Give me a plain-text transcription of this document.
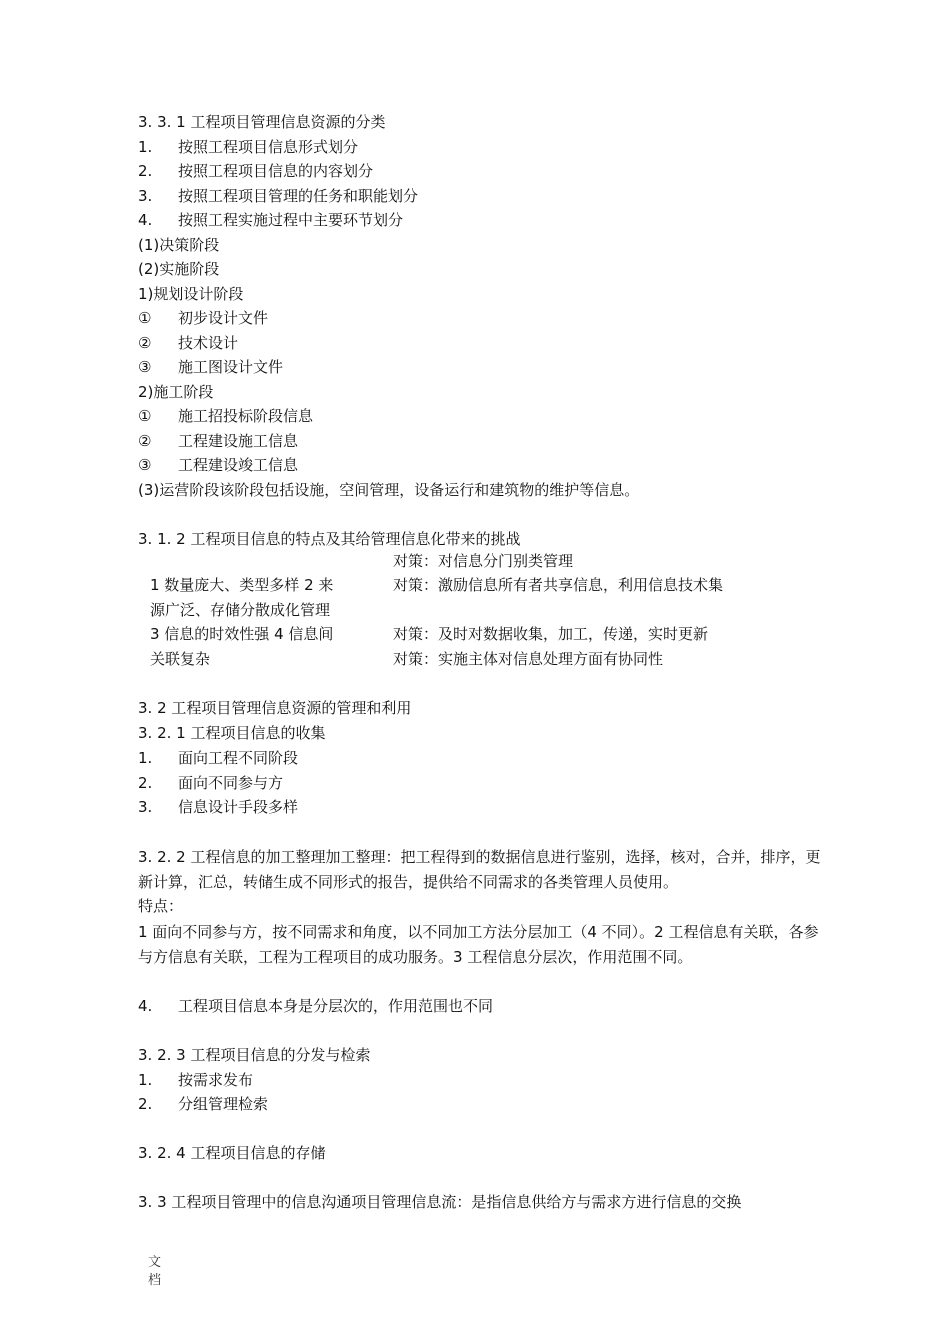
3. 3. 1 工程项目管理信息资源的分类
1. 按照工程项目信息形式划分
2. 按照工程项目信息的内容划分
3. 按照工程项目管理的任务和职能划分
4. 按照工程实施过程中主要环节划分
(1)决策阶段
(2)实施阶段
1)规划设计阶段
① 初步设计文件
② 技术设计
③ 施工图设计文件
2)施工阶段
① 施工招投标阶段信息
② 工程建设施工信息
③ 工程建设竣工信息
(3)运营阶段该阶段包括设施，空间管理，设备运行和建筑物的维护等信息。
3. 1. 2 工程项目信息的特点及其给管理信息化带来的挑战
对策：对信息分门别类管理
1 数量庞大、类型多样 2 来	对策：激励信息所有者共享信息，利用信息技术集
源广泛、存储分散成化管理
3 信息的时效性强 4 信息间	对策：及时对数据收集，加工，传递，实时更新
关联复杂	对策：实施主体对信息处理方面有协同性
3. 2 工程项目管理信息资源的管理和利用
3. 2. 1 工程项目信息的收集
1. 面向工程不同阶段
2. 面向不同参与方
3. 信息设计手段多样
3. 2. 2 工程信息的加工整理加工整理：把工程得到的数据信息进行鉴别，选择，核对，合并，排序，更新计算，汇总，转储生成不同形式的报告，提供给不同需求的各类管理人员使用。
特点：
1 面向不同参与方，按不同需求和角度，以不同加工方法分层加工（4 不同）。2 工程信息有关联，各参与方信息有关联，工程为工程项目的成功服务。3 工程信息分层次，作用范围不同。
4. 工程项目信息本身是分层次的，作用范围也不同
3. 2. 3 工程项目信息的分发与检索
1. 按需求发布
2. 分组管理检索
3. 2. 4 工程项目信息的存储
3. 3 工程项目管理中的信息沟通项目管理信息流：是指信息供给方与需求方进行信息的交换
文档
